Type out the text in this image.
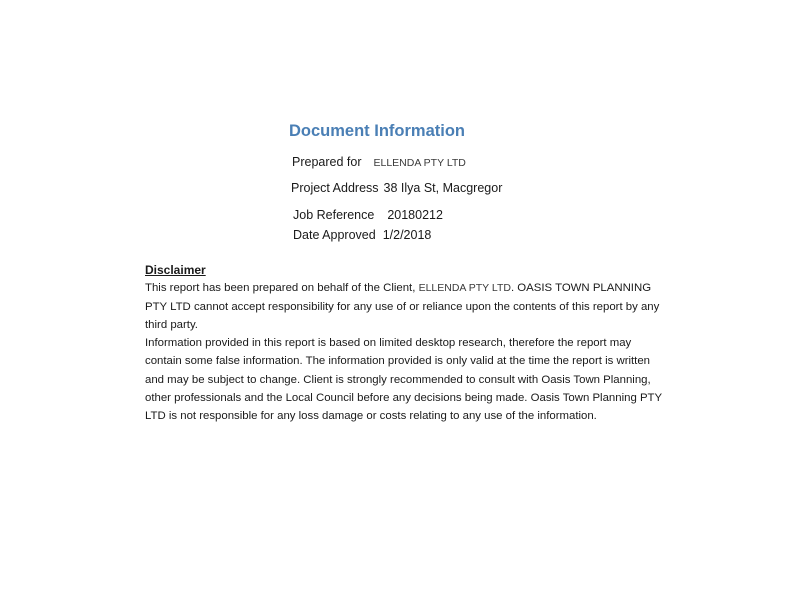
Document Information
Prepared for ELLENDA PTY LTD
Project Address 38 Ilya St, Macgregor
Job Reference 20180212
Date Approved 1/2/2018
Disclaimer
This report has been prepared on behalf of the Client, ELLENDA PTY LTD. OASIS TOWN PLANNING PTY LTD cannot accept responsibility for any use of or reliance upon the contents of this report by any third party.
Information provided in this report is based on limited desktop research, therefore the report may contain some false information. The information provided is only valid at the time the report is written and may be subject to change. Client is strongly recommended to consult with Oasis Town Planning, other professionals and the Local Council before any decisions being made. Oasis Town Planning PTY LTD is not responsible for any loss damage or costs relating to any use of the information.
